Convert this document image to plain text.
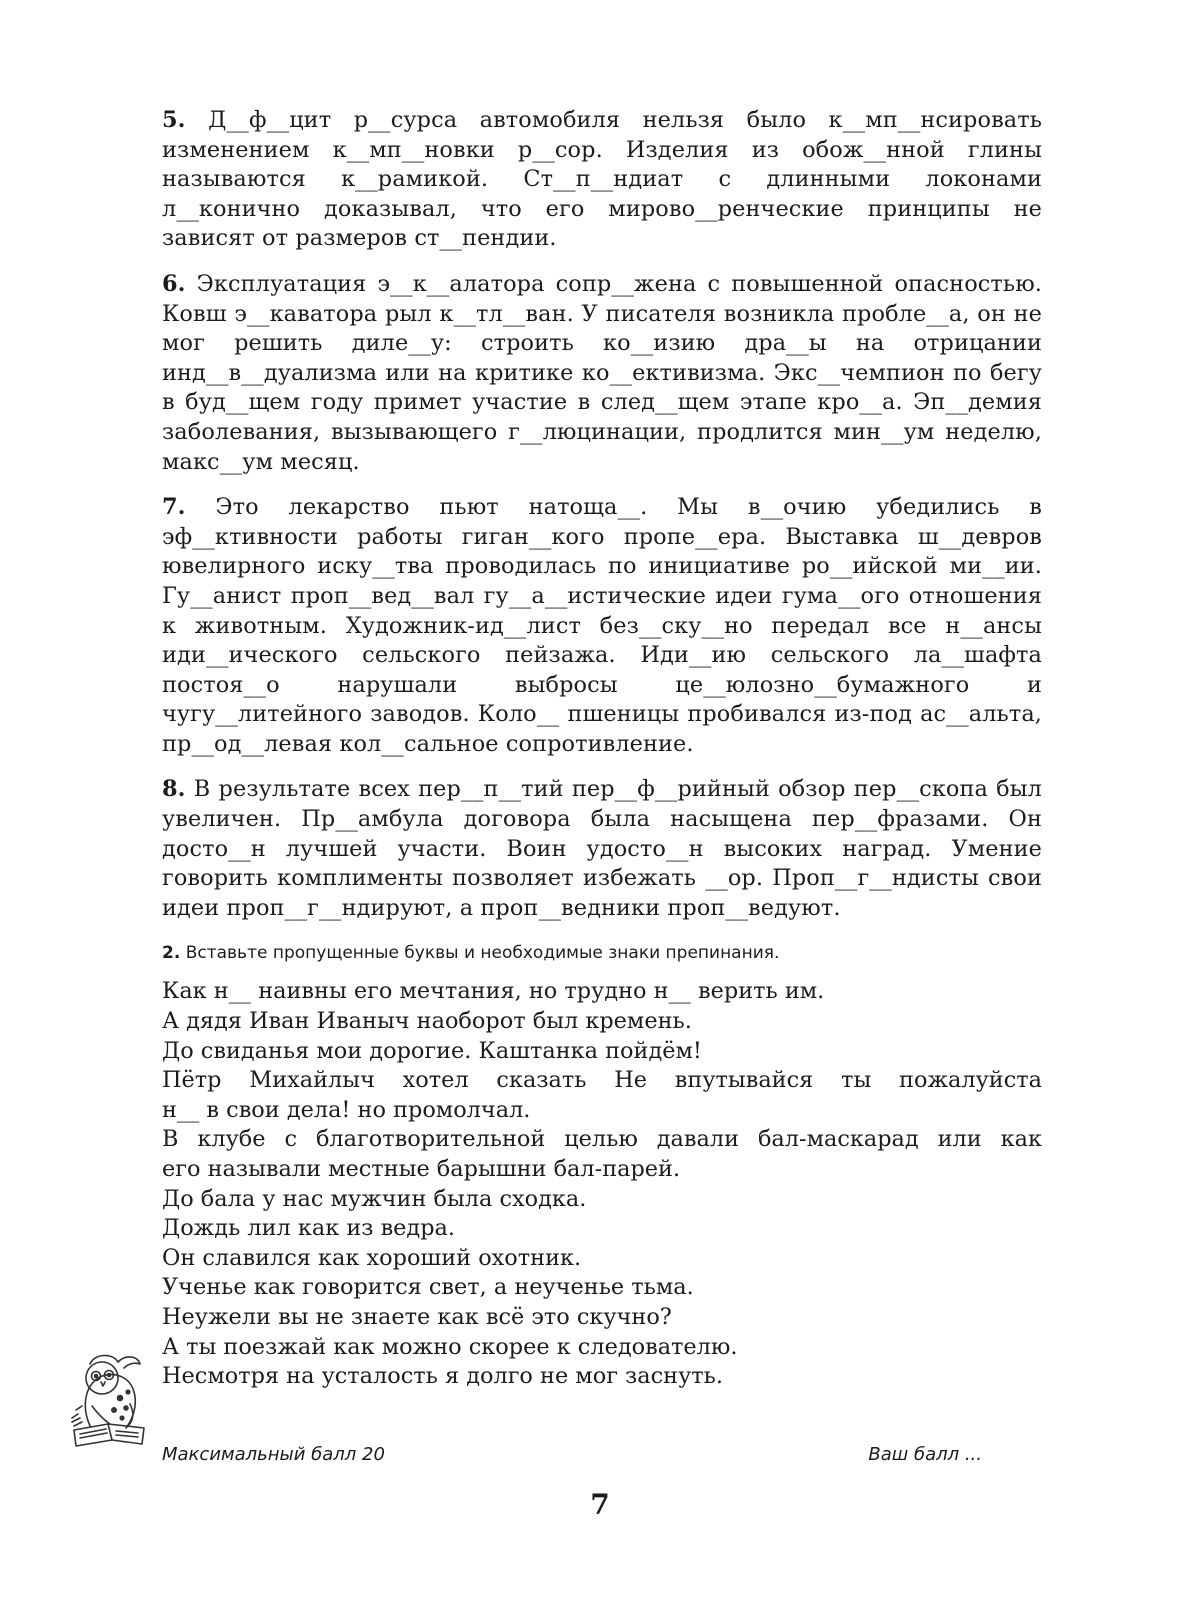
5. Д__ф__цит р__сурса автомобиля нельзя было к__мп__нсировать изменением к__мп__новки р__сор. Изделия из обож__нной глины называются к__рамикой. Ст__п__ндиат с длинными локонами л__конично доказывал, что его мирово__ренческие принципы не зависят от размеров ст__пендии.

6. Эксплуатация э__к__алатора сопр__жена с повышенной опасностью. Ковш э__каватора рыл к__тл__ван. У писателя возникла пробле__а, он не мог решить диле__у: строить ко__изию дра__ы на отрицании инд__в__дуализма или на критике ко__ективизма. Экс__чемпион по бегу в буд__щем году примет участие в след__щем этапе кро__а. Эп__демия заболевания, вызывающего г__люцинации, продлится мин__ум неделю, макс__ум месяц.

7. Это лекарство пьют натоща__. Мы в__очию убедились в эф__ктивности работы гиган__кого пропе__ера. Выставка ш__девров ювелирного иску__тва проводилась по инициативе ро__ийской ми__ии. Гу__анист проп__вед__вал гу__а__истические идеи гума__ого отношения к животным. Художник-ид__лист без__ску__но передал все н__ансы иди__ического сельского пейзажа. Иди__ию сельского ла__шафта постоя__о нарушали выбросы це__юлозно__бумажного и чугу__литейного заводов. Коло__ пшеницы пробивался из-под ас__альта, пр__од__левая кол__сальное сопротивление.

8. В результате всех пер__п__тий пер__ф__рийный обзор пер__скопа был увеличен. Пр__амбула договора была насыщена пер__фразами. Он досто__н лучшей участи. Воин удосто__н высоких наград. Умение говорить комплименты позволяет избежать __ор. Проп__г__ндисты свои идеи проп__г__ндируют, а проп__ведники проп__ведуют.

2. Вставьте пропущенные буквы и необходимые знаки препинания.
Как н__ наивны его мечтания, но трудно н__ верить им.
А дядя Иван Иваныч наоборот был кремень.
До свиданья мои дорогие. Каштанка пойдём!
Пётр Михайлыч хотел сказать Не впутывайся ты пожалуйста
н__ в свои дела! но промолчал.
В клубе с благотворительной целью давали бал-маскарад или как
его называли местные барышни бал-парей.
До бала у нас мужчин была сходка.
Дождь лил как из ведра.
Он славился как хороший охотник.
Ученье как говорится свет, а неученье тьма.
Неужели вы не знаете как всё это скучно?
А ты поезжай как можно скорее к следователю.
Несмотря на усталость я долго не мог заснуть.
Максимальный балл 20	Ваш балл ...
7
